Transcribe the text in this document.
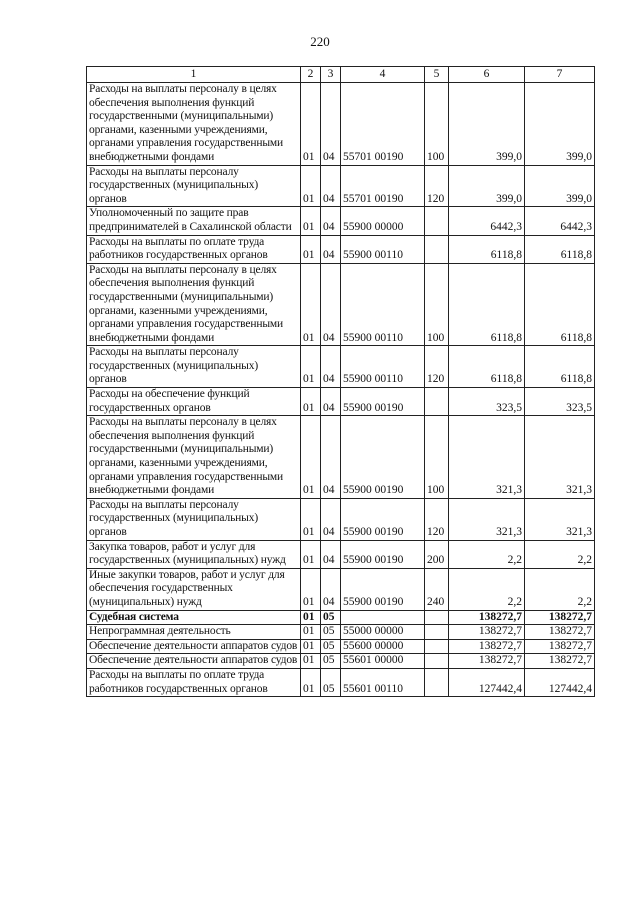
220
1	2	3	4	5	6	7
Расходы на выплаты персоналу в целях обеспечения выполнения функций государственными (муниципальными) органами, казенными учреждениями, органами управления государственными внебюджетными фондами	01	04	55701 00190	100	399,0	399,0
Расходы на выплаты персоналу государственных (муниципальных) органов	01	04	55701 00190	120	399,0	399,0
Уполномоченный по защите прав предпринимателей в Сахалинской области	01	04	55900 00000		6442,3	6442,3
Расходы на выплаты по оплате труда работников государственных органов	01	04	55900 00110		6118,8	6118,8
Расходы на выплаты персоналу в целях обеспечения выполнения функций государственными (муниципальными) органами, казенными учреждениями, органами управления государственными внебюджетными фондами	01	04	55900 00110	100	6118,8	6118,8
Расходы на выплаты персоналу государственных (муниципальных) органов	01	04	55900 00110	120	6118,8	6118,8
Расходы на обеспечение функций государственных органов	01	04	55900 00190		323,5	323,5
Расходы на выплаты персоналу в целях обеспечения выполнения функций государственными (муниципальными) органами, казенными учреждениями, органами управления государственными внебюджетными фондами	01	04	55900 00190	100	321,3	321,3
Расходы на выплаты персоналу государственных (муниципальных) органов	01	04	55900 00190	120	321,3	321,3
Закупка товаров, работ и услуг для государственных (муниципальных) нужд	01	04	55900 00190	200	2,2	2,2
Иные закупки товаров, работ и услуг для обеспечения государственных (муниципальных) нужд	01	04	55900 00190	240	2,2	2,2
Судебная система	01	05			138272,7	138272,7
Непрограммная деятельность	01	05	55000 00000		138272,7	138272,7
Обеспечение деятельности аппаратов судов	01	05	55600 00000		138272,7	138272,7
Обеспечение деятельности аппаратов судов	01	05	55601 00000		138272,7	138272,7
Расходы на выплаты по оплате труда работников государственных органов	01	05	55601 00110		127442,4	127442,4
